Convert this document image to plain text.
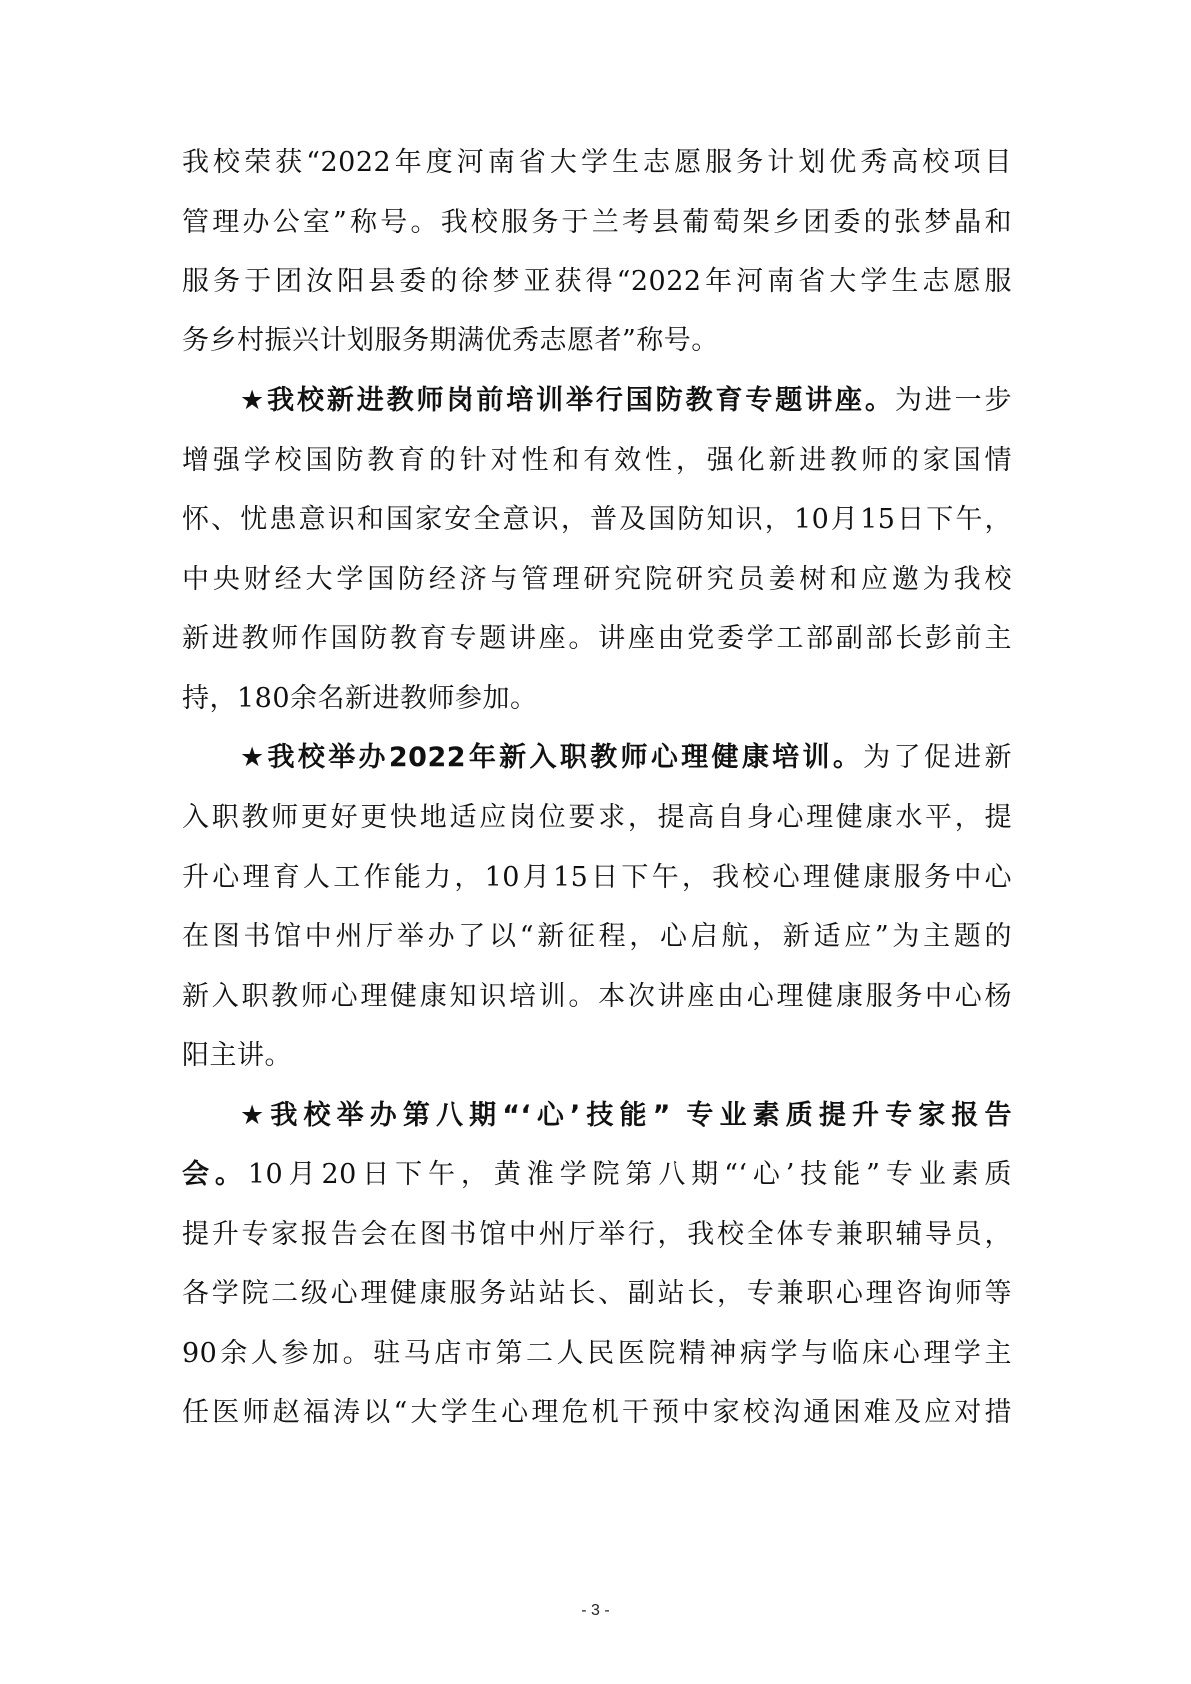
我校荣获“2022年度河南省大学生志愿服务计划优秀高校项目
管理办公室”称号。我校服务于兰考县葡萄架乡团委的张梦晶和
服务于团汝阳县委的徐梦亚获得“2022年河南省大学生志愿服
务乡村振兴计划服务期满优秀志愿者”称号。
★我校新进教师岗前培训举行国防教育专题讲座。为进一步
增强学校国防教育的针对性和有效性，强化新进教师的家国情
怀、忧患意识和国家安全意识，普及国防知识，10月15日下午，
中央财经大学国防经济与管理研究院研究员姜树和应邀为我校
新进教师作国防教育专题讲座。讲座由党委学工部副部长彭前主
持，180余名新进教师参加。
★我校举办2022年新入职教师心理健康培训。为了促进新
入职教师更好更快地适应岗位要求，提高自身心理健康水平，提
升心理育人工作能力，10月15日下午，我校心理健康服务中心
在图书馆中州厅举办了以“新征程，心启航，新适应”为主题的
新入职教师心理健康知识培训。本次讲座由心理健康服务中心杨
阳主讲。
★我校举办第八期“‘心’技能” 专业素质提升专家报告
会。10月20日下午，黄淮学院第八期“‘心’技能”专业素质
提升专家报告会在图书馆中州厅举行，我校全体专兼职辅导员，
各学院二级心理健康服务站站长、副站长，专兼职心理咨询师等
90余人参加。驻马店市第二人民医院精神病学与临床心理学主
任医师赵福涛以“大学生心理危机干预中家校沟通困难及应对措
- 3 -
